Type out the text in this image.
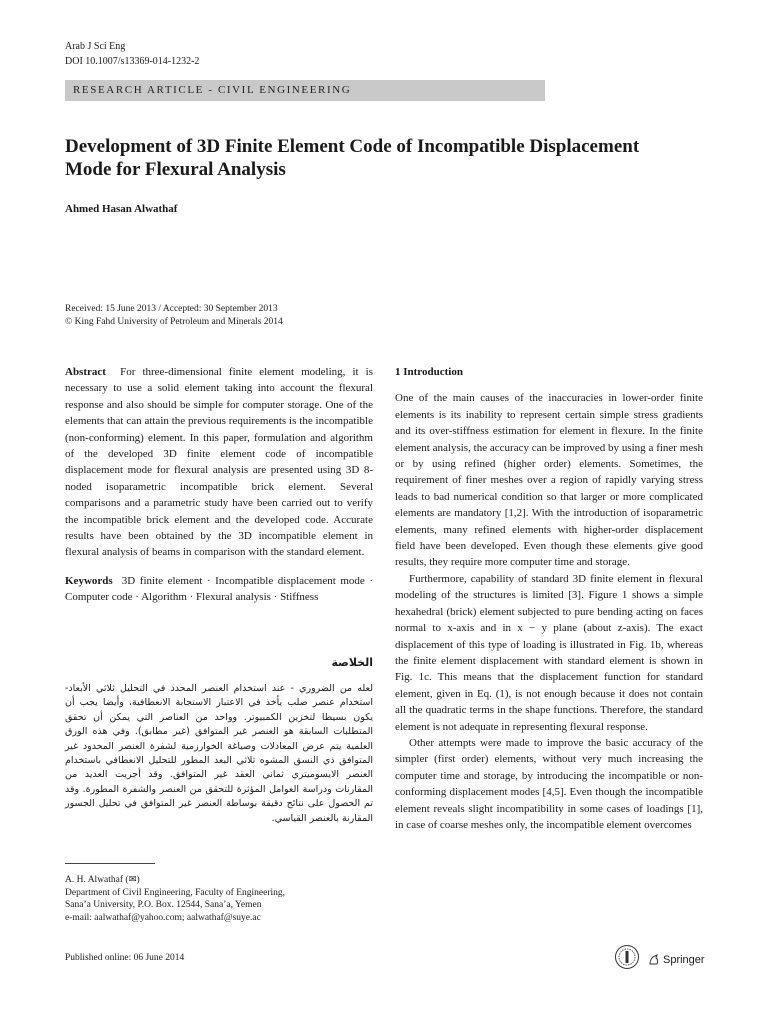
Arab J Sci Eng
DOI 10.1007/s13369-014-1232-2
RESEARCH ARTICLE - CIVIL ENGINEERING
Development of 3D Finite Element Code of Incompatible Displacement Mode for Flexural Analysis
Ahmed Hasan Alwathaf
Received: 15 June 2013 / Accepted: 30 September 2013
© King Fahd University of Petroleum and Minerals 2014

Abstract For three-dimensional finite element modeling, it is necessary to use a solid element taking into account the flexural response and also should be simple for computer storage. One of the elements that can attain the previous requirements is the incompatible (non-conforming) element. In this paper, formulation and algorithm of the developed 3D finite element code of incompatible displacement mode for flexural analysis are presented using 3D 8-noded isoparametric incompatible brick element. Several comparisons and a parametric study have been carried out to verify the incompatible brick element and the developed code. Accurate results have been obtained by the 3D incompatible element in flexural analysis of beams in comparison with the standard element.

Keywords 3D finite element · Incompatible displacement mode · Computer code · Algorithm · Flexural analysis · Stiffness

الخلاصة
لعله من الضروري - عند استخدام العنصر المحدد في التحليل ثلاثي الأبعاد- استخدام عنصر صلب يأخذ في الاعتبار الاستجابة الانعطافية، وأيضا يجب أن يكون بسيطا لتخزين الكمبيوتر. وواحد من العناصر التي يمكن أن تحقق المتطلبات السابقة هو العنصر غير المتوافق (غير مطابق). وفي هذه الورق العلمية يتم عرض المعادلات وصياغة الخوارزمية لشفرة العنصر المحدود غير المتوافق ذي النسق المشوه ثلاثي البعد المطور للتحليل الانعطافي باستخدام العنصر الايسوميتري ثماني العقد غير المتوافق. وقد أجريت العديد من المقارنات ودراسة العوامل المؤثرة للتحقق من العنصر والشفرة المطورة. وقد تم الحصول على نتائج دقيقة بوساطة العنصر غير المتوافق في تحليل الجسور المقارنة بالعنصر القياسي.
A. H. Alwathaf (✉)
Department of Civil Engineering, Faculty of Engineering,
Sana’a University, P.O. Box. 12544, Sana’a, Yemen
e-mail: aalwathaf@yahoo.com; aalwathaf@suye.ac
Published online: 06 June 2014	Springer
1 Introduction

One of the main causes of the inaccuracies in lower-order finite elements is its inability to represent certain simple stress gradients and its over-stiffness estimation for element in flexure. In the finite element analysis, the accuracy can be improved by using a finer mesh or by using refined (higher order) elements. Sometimes, the requirement of finer meshes over a region of rapidly varying stress leads to bad numerical condition so that larger or more complicated elements are mandatory [1,2]. With the introduction of isoparametric elements, many refined elements with higher-order displacement field have been developed. Even though these elements give good results, they require more computer time and storage.

Furthermore, capability of standard 3D finite element in flexural modeling of the structures is limited [3]. Figure 1 shows a simple hexahedral (brick) element subjected to pure bending acting on faces normal to x-axis and in x − y plane (about z-axis). The exact displacement of this type of loading is illustrated in Fig. 1b, whereas the finite element displacement with standard element is shown in Fig. 1c. This means that the displacement function for standard element, given in Eq. (1), is not enough because it does not contain all the quadratic terms in the shape functions. Therefore, the standard element is not adequate in representing flexural response.

Other attempts were made to improve the basic accuracy of the simpler (first order) elements, without very much increasing the computer time and storage, by introducing the incompatible or non-conforming displacement modes [4,5]. Even though the incompatible element reveals slight incompatibility in some cases of loadings [1], in case of coarse meshes only, the incompatible element overcomes
